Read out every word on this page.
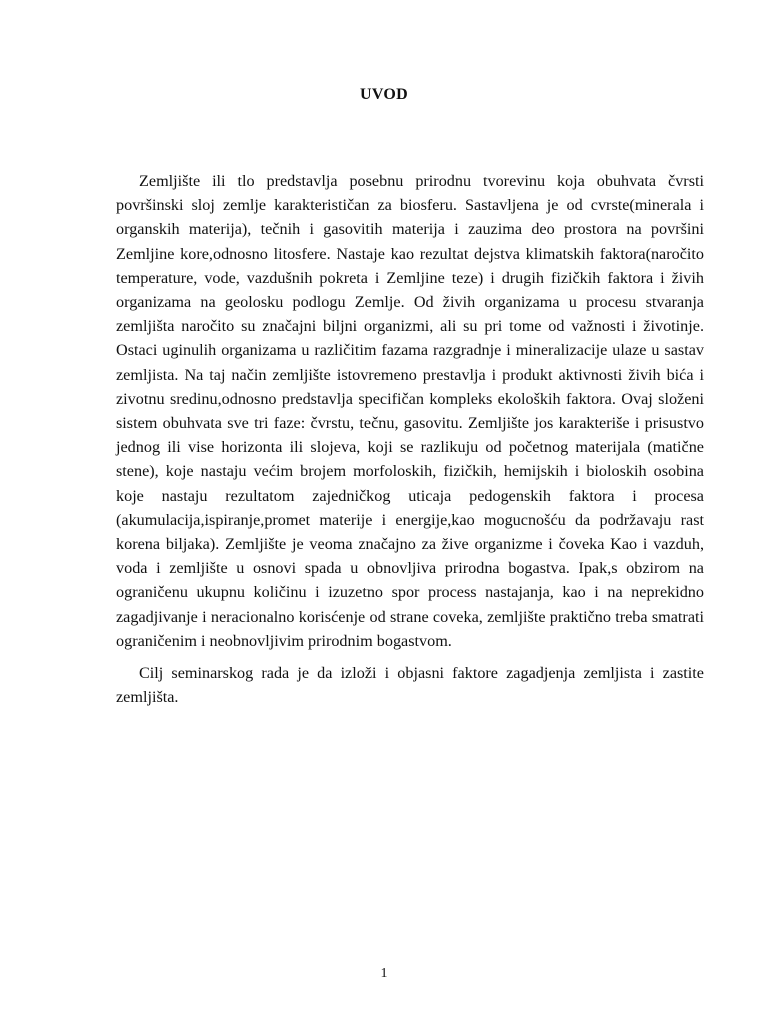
UVOD

Zemljište ili tlo predstavlja posebnu prirodnu tvorevinu koja obuhvata čvrsti površinski sloj zemlje karakterističan za biosferu. Sastavljena je od cvrste(minerala i organskih materija), tečnih i gasovitih materija i zauzima deo prostora na površini Zemljine kore,odnosno litosfere. Nastaje kao rezultat dejstva klimatskih faktora(naročito temperature, vode, vazdušnih pokreta i Zemljine teze) i drugih fizičkih faktora i živih organizama na geolosku podlogu Zemlje. Od živih organizama u procesu stvaranja zemljišta naročito su značajni biljni organizmi, ali su pri tome od važnosti i životinje. Ostaci uginulih organizama u različitim fazama razgradnje i mineralizacije ulaze u sastav zemljista. Na taj način zemljište istovremeno prestavlja i produkt aktivnosti živih bića i zivotnu sredinu,odnosno predstavlja specifičan kompleks ekoloških faktora. Ovaj složeni sistem obuhvata sve tri faze: čvrstu, tečnu, gasovitu. Zemljište jos karakteriše i prisustvo jednog ili vise horizonta ili slojeva, koji se razlikuju od početnog materijala (matične stene), koje nastaju većim brojem morfoloskih, fizičkih, hemijskih i bioloskih osobina koje nastaju rezultatom zajedničkog uticaja pedogenskih faktora i procesa (akumulacija,ispiranje,promet materije i energije,kao mogucnošću da podržavaju rast korena biljaka). Zemljište je veoma značajno za žive organizme i čoveka Kao i vazduh, voda i zemljište u osnovi spada u obnovljiva prirodna bogastva. Ipak,s obzirom na ograničenu ukupnu količinu i izuzetno spor process nastajanja, kao i na neprekidno zagadjivanje i neracionalno korisćenje od strane coveka, zemljište praktično treba smatrati ograničenim i neobnovljivim prirodnim bogastvom.

Cilj seminarskog rada je da izloži i objasni faktore zagadjenja zemljista i zastite zemljišta.

1
